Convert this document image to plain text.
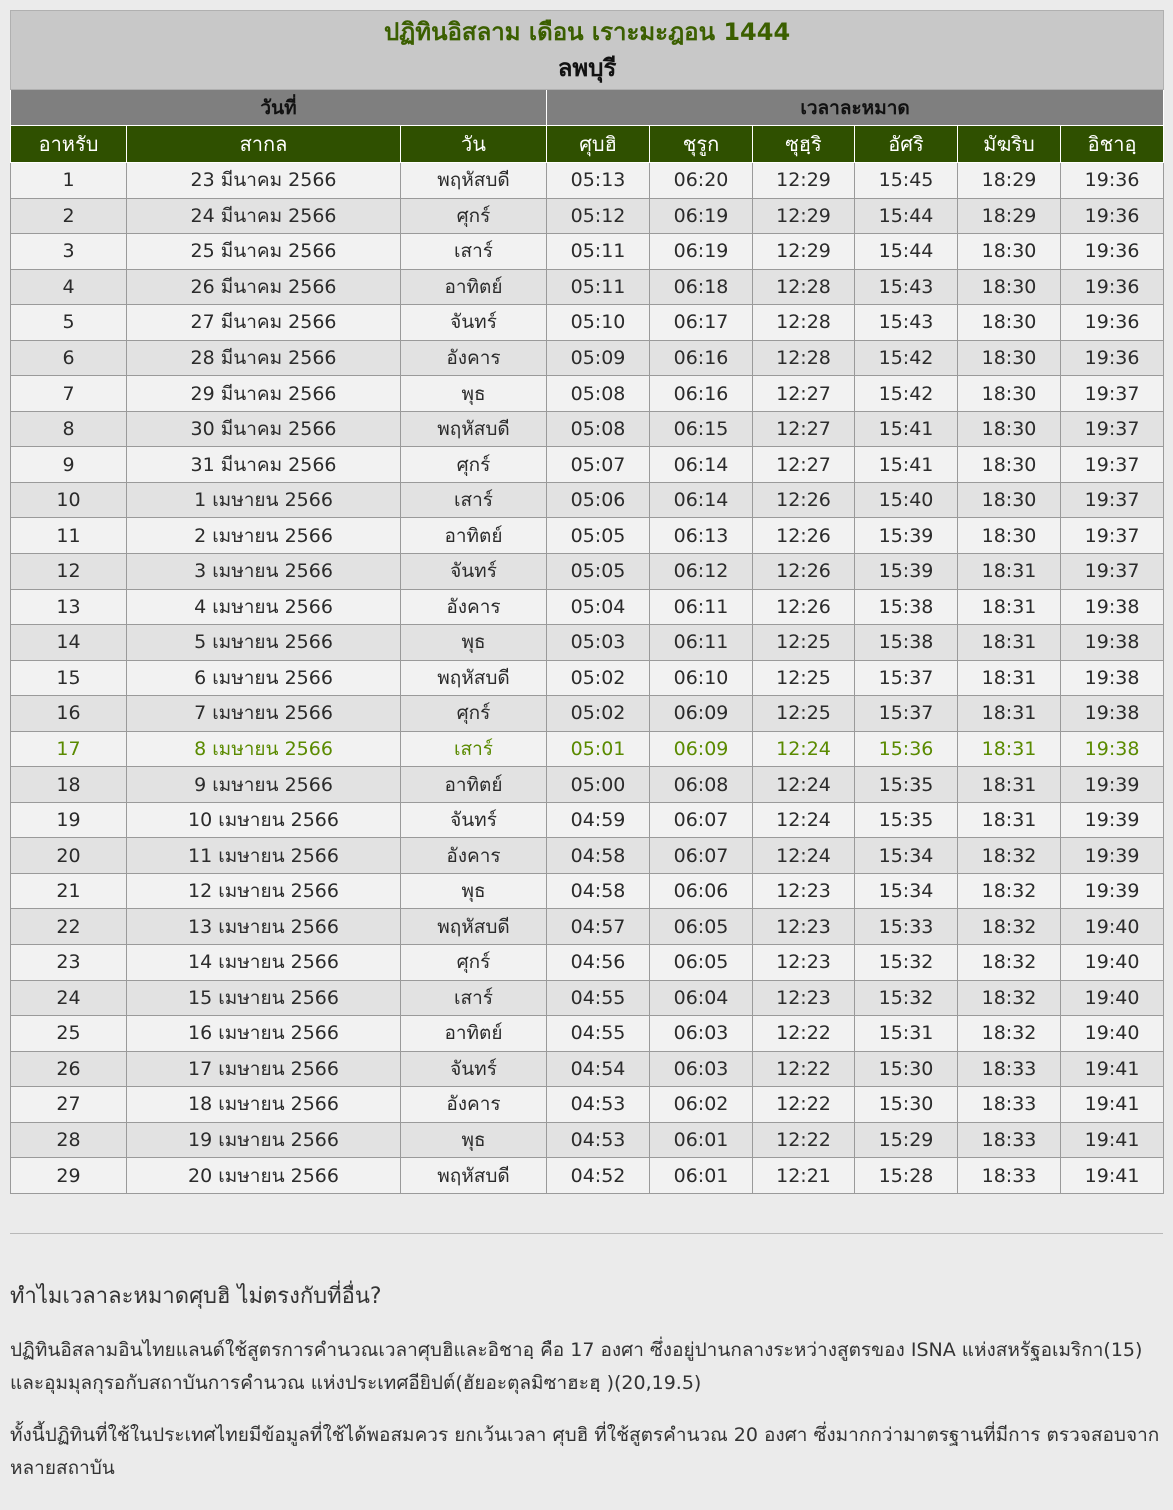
ปฏิทินอิสลาม เดือน เราะมะฎอน 1444
ลพบุรี								

วันที่			เวลาละหมาด					
อาหรับ	สากล	วัน	ศุบฮิ	ชุรูก	ซุฮฺริ	อัศริ	มัฆริบ	อิชาอฺ
1	23 มีนาคม 2566	พฤหัสบดี	05:13	06:20	12:29	15:45	18:29	19:36
2	24 มีนาคม 2566	ศุกร์	05:12	06:19	12:29	15:44	18:29	19:36
3	25 มีนาคม 2566	เสาร์	05:11	06:19	12:29	15:44	18:30	19:36
4	26 มีนาคม 2566	อาทิตย์	05:11	06:18	12:28	15:43	18:30	19:36
5	27 มีนาคม 2566	จันทร์	05:10	06:17	12:28	15:43	18:30	19:36
6	28 มีนาคม 2566	อังคาร	05:09	06:16	12:28	15:42	18:30	19:36
7	29 มีนาคม 2566	พุธ	05:08	06:16	12:27	15:42	18:30	19:37
8	30 มีนาคม 2566	พฤหัสบดี	05:08	06:15	12:27	15:41	18:30	19:37
9	31 มีนาคม 2566	ศุกร์	05:07	06:14	12:27	15:41	18:30	19:37
10	1 เมษายน 2566	เสาร์	05:06	06:14	12:26	15:40	18:30	19:37
11	2 เมษายน 2566	อาทิตย์	05:05	06:13	12:26	15:39	18:30	19:37
12	3 เมษายน 2566	จันทร์	05:05	06:12	12:26	15:39	18:31	19:37
13	4 เมษายน 2566	อังคาร	05:04	06:11	12:26	15:38	18:31	19:38
14	5 เมษายน 2566	พุธ	05:03	06:11	12:25	15:38	18:31	19:38
15	6 เมษายน 2566	พฤหัสบดี	05:02	06:10	12:25	15:37	18:31	19:38
16	7 เมษายน 2566	ศุกร์	05:02	06:09	12:25	15:37	18:31	19:38
17	8 เมษายน 2566	เสาร์	05:01	06:09	12:24	15:36	18:31	19:38
18	9 เมษายน 2566	อาทิตย์	05:00	06:08	12:24	15:35	18:31	19:39
19	10 เมษายน 2566	จันทร์	04:59	06:07	12:24	15:35	18:31	19:39
20	11 เมษายน 2566	อังคาร	04:58	06:07	12:24	15:34	18:32	19:39
21	12 เมษายน 2566	พุธ	04:58	06:06	12:23	15:34	18:32	19:39
22	13 เมษายน 2566	พฤหัสบดี	04:57	06:05	12:23	15:33	18:32	19:40
23	14 เมษายน 2566	ศุกร์	04:56	06:05	12:23	15:32	18:32	19:40
24	15 เมษายน 2566	เสาร์	04:55	06:04	12:23	15:32	18:32	19:40
25	16 เมษายน 2566	อาทิตย์	04:55	06:03	12:22	15:31	18:32	19:40
26	17 เมษายน 2566	จันทร์	04:54	06:03	12:22	15:30	18:33	19:41
27	18 เมษายน 2566	อังคาร	04:53	06:02	12:22	15:30	18:33	19:41
28	19 เมษายน 2566	พุธ	04:53	06:01	12:22	15:29	18:33	19:41
29	20 เมษายน 2566	พฤหัสบดี	04:52	06:01	12:21	15:28	18:33	19:41
ทำไมเวลาละหมาดศุบฮิ ไม่ตรงกับที่อื่น?

ปฏิทินอิสลามอินไทยแลนด์ใช้สูตรการคำนวณเวลาศุบฮิและอิชาอฺ คือ 17 องศา ซึ่งอยู่ปานกลางระหว่างสูตรของ ISNA แห่งสหรัฐอเมริกา(15) และอุมมุลกุรอกับสถาบันการคำนวณ แห่งประเทศอียิปต์(ฮัยอะตุลมิซาฮะฮฺ )(20,19.5)

ทั้งนี้ปฏิทินที่ใช้ในประเทศไทยมีข้อมูลที่ใช้ได้พอสมควร ยกเว้นเวลา ศุบฮิ ที่ใช้สูตรคำนวณ 20 องศา ซึ่งมากกว่ามาตรฐานที่มีการ ตรวจสอบจากหลายสถาบัน
